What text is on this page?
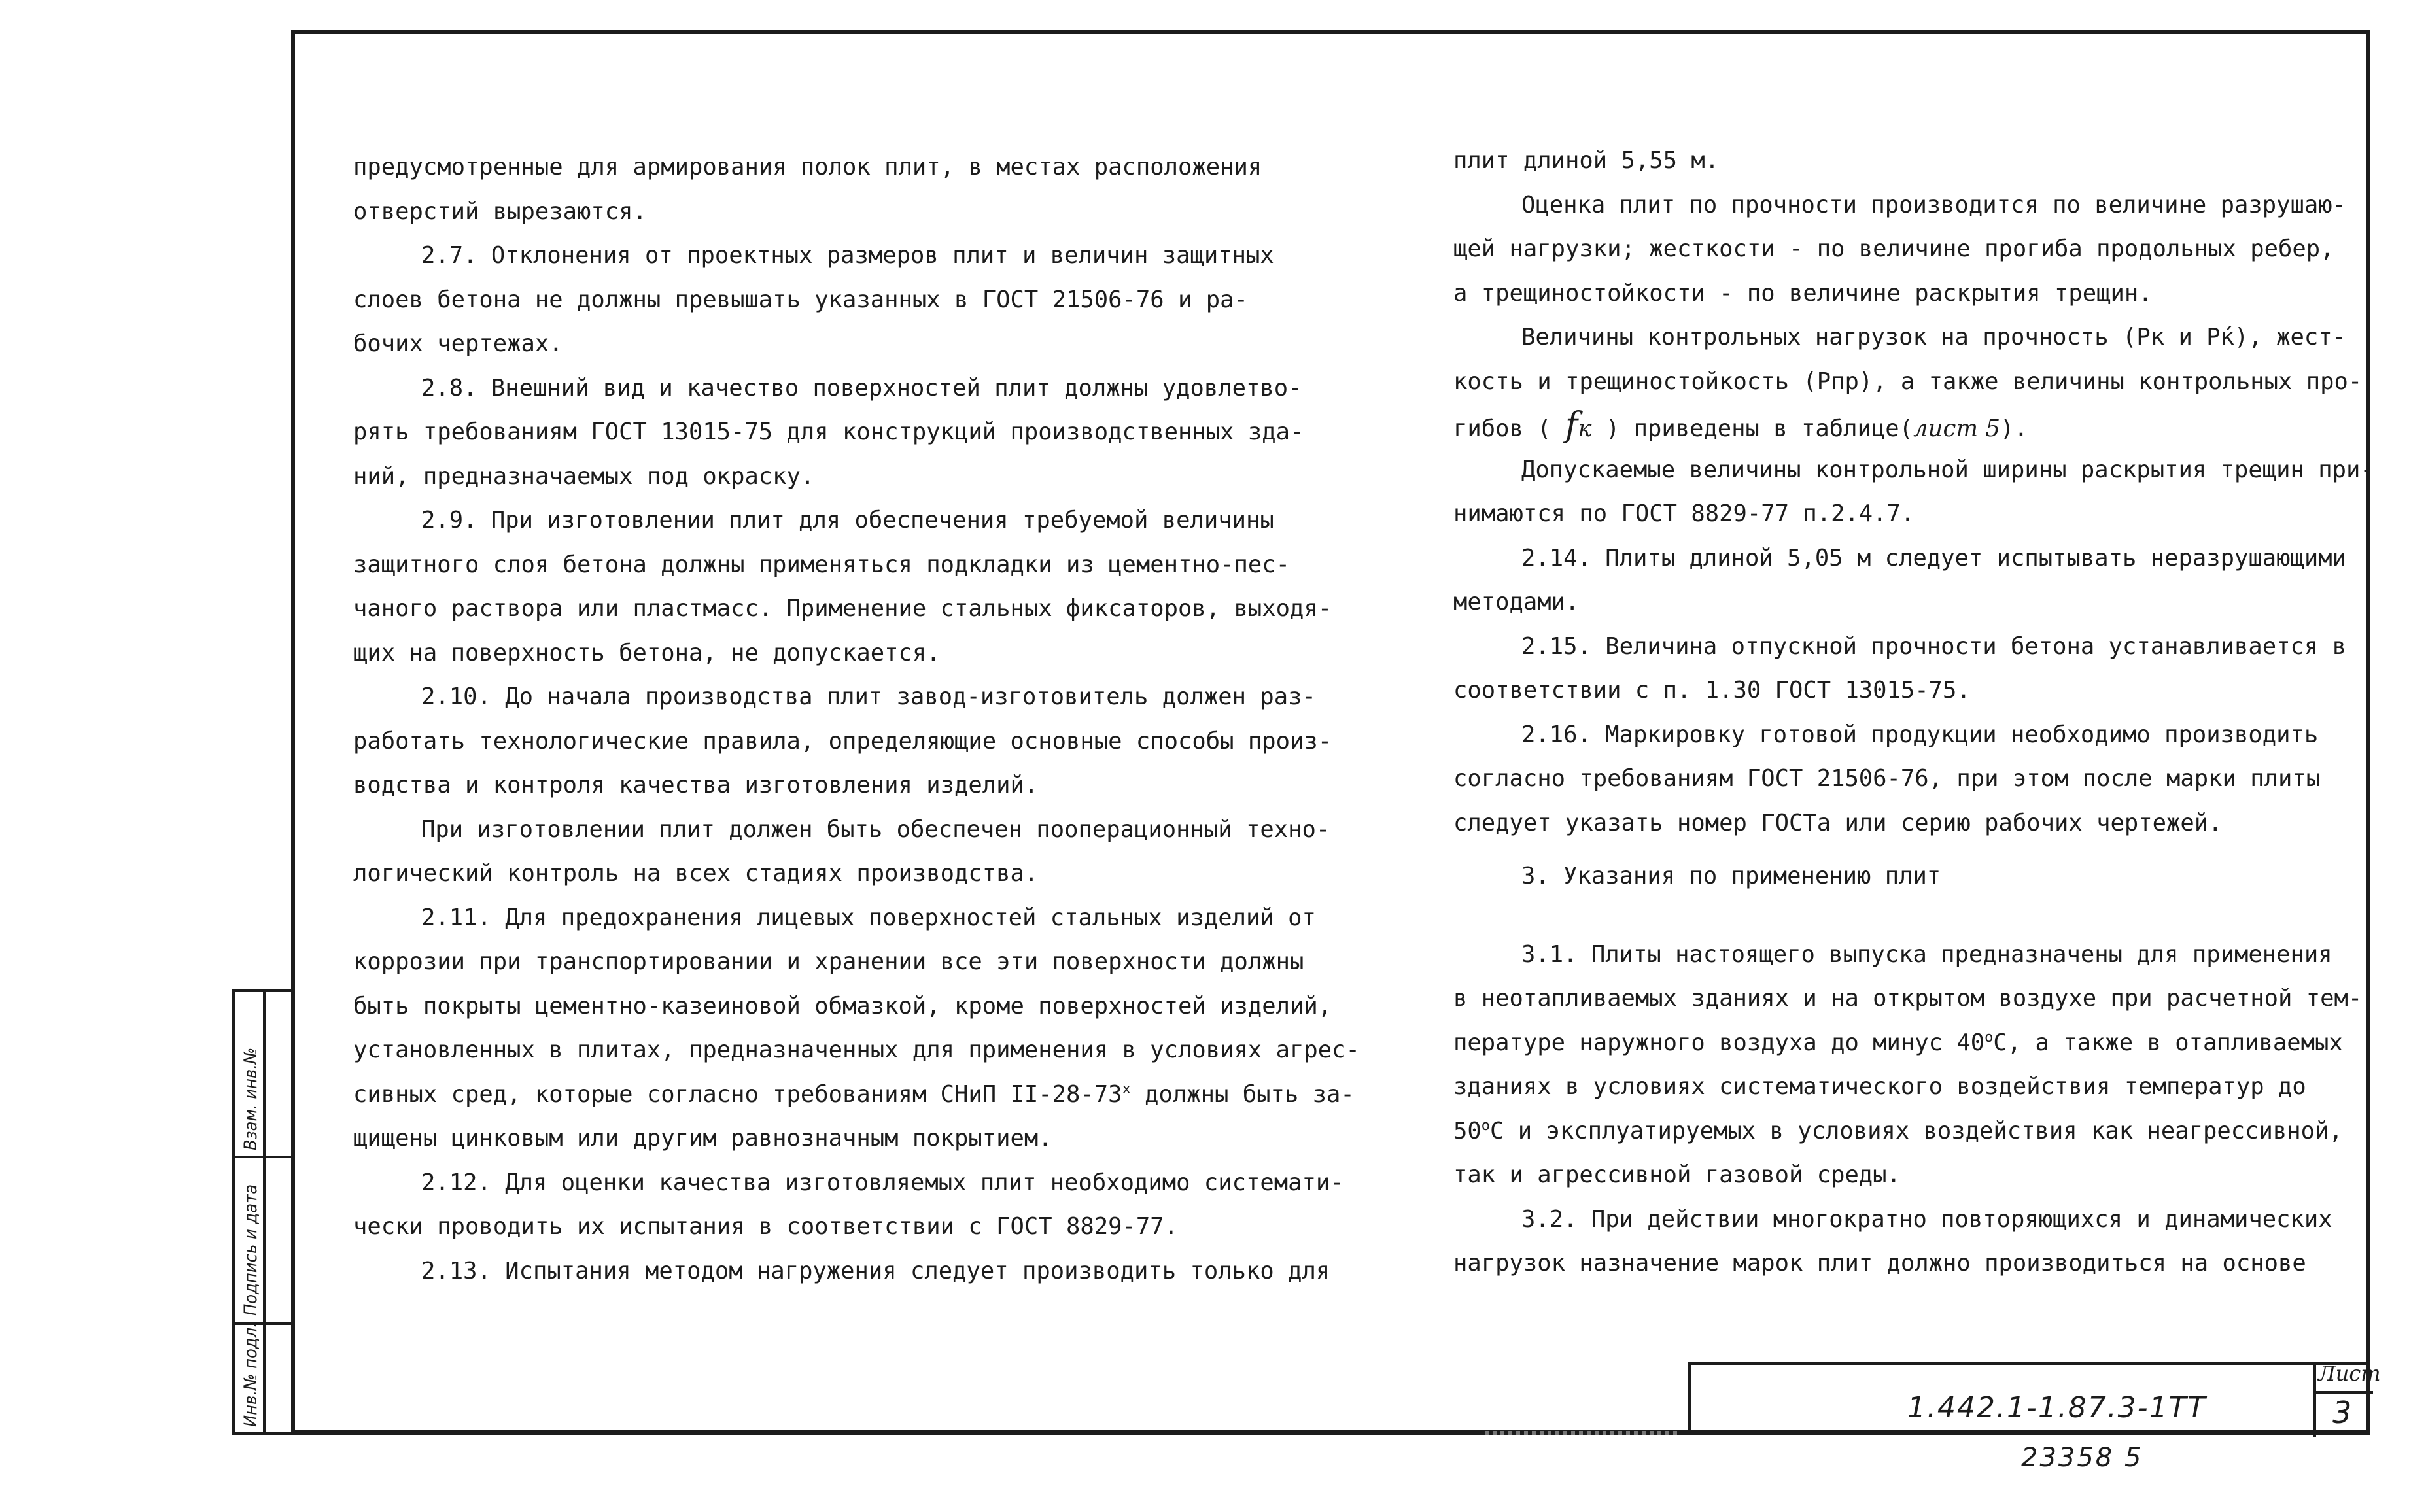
предусмотренные для армирования полок плит, в местах расположения
отверстий вырезаются.
2.7. Отклонения от проектных размеров плит и величин защитных
слоев бетона не должны превышать указанных в ГОСТ 21506-76 и ра-
бочих чертежах.
2.8. Внешний вид и качество поверхностей плит должны удовлетво-
рять требованиям ГОСТ 13015-75 для конструкций производственных зда-
ний, предназначаемых под окраску.
2.9. При изготовлении плит для обеспечения требуемой величины
защитного слоя бетона должны применяться подкладки из цементно-пес-
чаного раствора или пластмасс. Применение стальных фиксаторов, выходя-
щих на поверхность бетона, не допускается.
2.10. До начала производства плит завод-изготовитель должен раз-
работать технологические правила, определяющие основные способы произ-
водства и контроля качества изготовления изделий.
При изготовлении плит должен быть обеспечен пооперационный техно-
логический контроль на всех стадиях производства.
2.11. Для предохранения лицевых поверхностей стальных изделий от
коррозии при транспортировании и хранении все эти поверхности должны
быть покрыты цементно-казеиновой обмазкой, кроме поверхностей изделий,
установленных в плитах, предназначенных для применения в условиях агрес-
сивных сред, которые согласно требованиям СНиП II-28-73$^x$ должны быть за-
щищены цинковым или другим равнозначным покрытием.
2.12. Для оценки качества изготовляемых плит необходимо системати-
чески проводить их испытания в соответствии с ГОСТ 8829-77.
2.13. Испытания методом нагружения следует производить только для
плит длиной 5,55 м.
Оценка плит по прочности производится по величине разрушаю-
щей нагрузки; жесткости - по величине прогиба продольных ребер,
а трещиностойкости - по величине раскрытия трещин.
Величины контрольных нагрузок на прочность (Рк и Рќ), жест-
кость и трещиностойкость (Рпр), а также величины контрольных про-
гибов ( fк ) приведены в таблице(лист 5).
Допускаемые величины контрольной ширины раскрытия трещин при-
нимаются по ГОСТ 8829-77 п.2.4.7.
2.14. Плиты длиной 5,05 м следует испытывать неразрушающими
методами.
2.15. Величина отпускной прочности бетона устанавливается в
соответствии с п. 1.30 ГОСТ 13015-75.
2.16. Маркировку готовой продукции необходимо производить
согласно требованиям ГОСТ 21506-76, при этом после марки плиты
следует указать номер ГОСТа или серию рабочих чертежей.
3. Указания по применению плит
3.1. Плиты настоящего выпуска предназначены для применения
в неотапливаемых зданиях и на открытом воздухе при расчетной тем-
пературе наружного воздуха до минус $40^оС$, а также в отапливаемых
зданиях в условиях систематического воздействия температур до
$50^оС$ и эксплуатируемых в условиях воздействия как неагрессивной,
так и агрессивной газовой среды.
3.2. При действии многократно повторяющихся и динамических
нагрузок назначение марок плит должно производиться на основе
1.442.1-1.87.3-1ТТ
Лист
3
23358 5
Инв.№ подл.
Подпись и дата
Взам. инв.№
